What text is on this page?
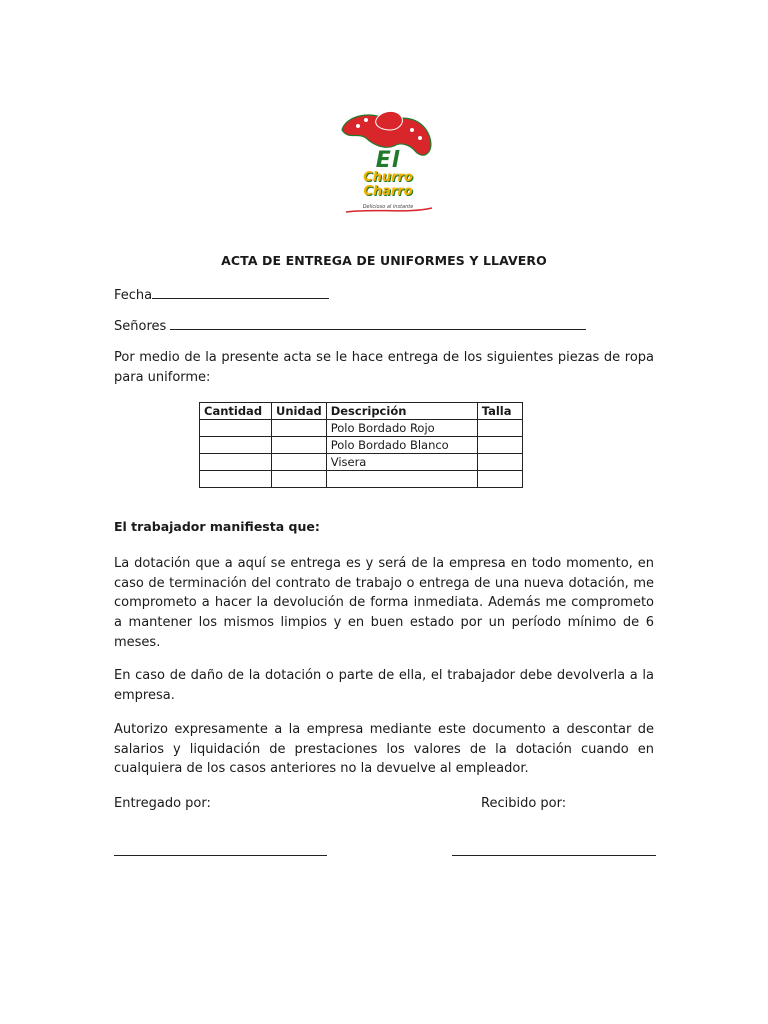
El
Churro
Charro
Delicioso al instante
ACTA DE ENTREGA DE UNIFORMES Y LLAVERO
Fecha
Señores

Por medio de la presente acta se le hace entrega de los siguientes piezas de ropa para uniforme:

Cantidad	Unidad	Descripción	Talla
		Polo Bordado Rojo	
		Polo Bordado Blanco	
		Visera	

El trabajador manifiesta que:

La dotación que a aquí se entrega es y será de la empresa en todo momento, en caso de terminación del contrato de trabajo o entrega de una nueva dotación, me comprometo a hacer la devolución de forma inmediata. Además me comprometo a mantener los mismos limpios y en buen estado por un período mínimo de 6 meses.

En caso de daño de la dotación o parte de ella, el trabajador debe devolverla a la empresa.

Autorizo expresamente a la empresa mediante este documento a descontar de salarios y liquidación de prestaciones los valores de la dotación cuando en cualquiera de los casos anteriores no la devuelve al empleador.

Entregado por:	Recibido por:
